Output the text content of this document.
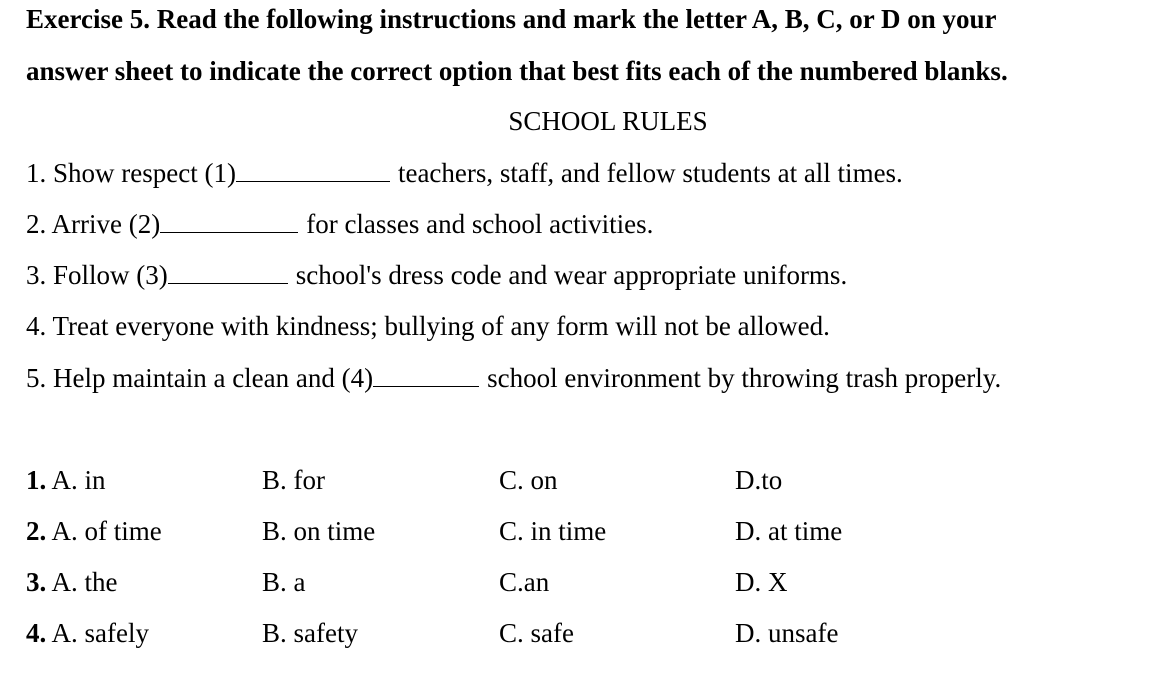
Exercise 5. Read the following instructions and mark the letter A, B, C, or D on your
answer sheet to indicate the correct option that best fits each of the numbered blanks.
SCHOOL RULES
1. Show respect (1)	teachers, staff, and fellow students at all times.
2. Arrive (2)	for classes and school activities.
3. Follow (3)	school's dress code and wear appropriate uniforms.
4. Treat everyone with kindness; bullying of any form will not be allowed.
5. Help maintain a clean and (4)	school environment by throwing trash properly.
1. A. in	B. for	C. on	D.to
2. A. of time	B. on time	C. in time	D. at time
3. A. the	B. a	C.an	D. X
4. A. safely	B. safety	C. safe	D. unsafe
